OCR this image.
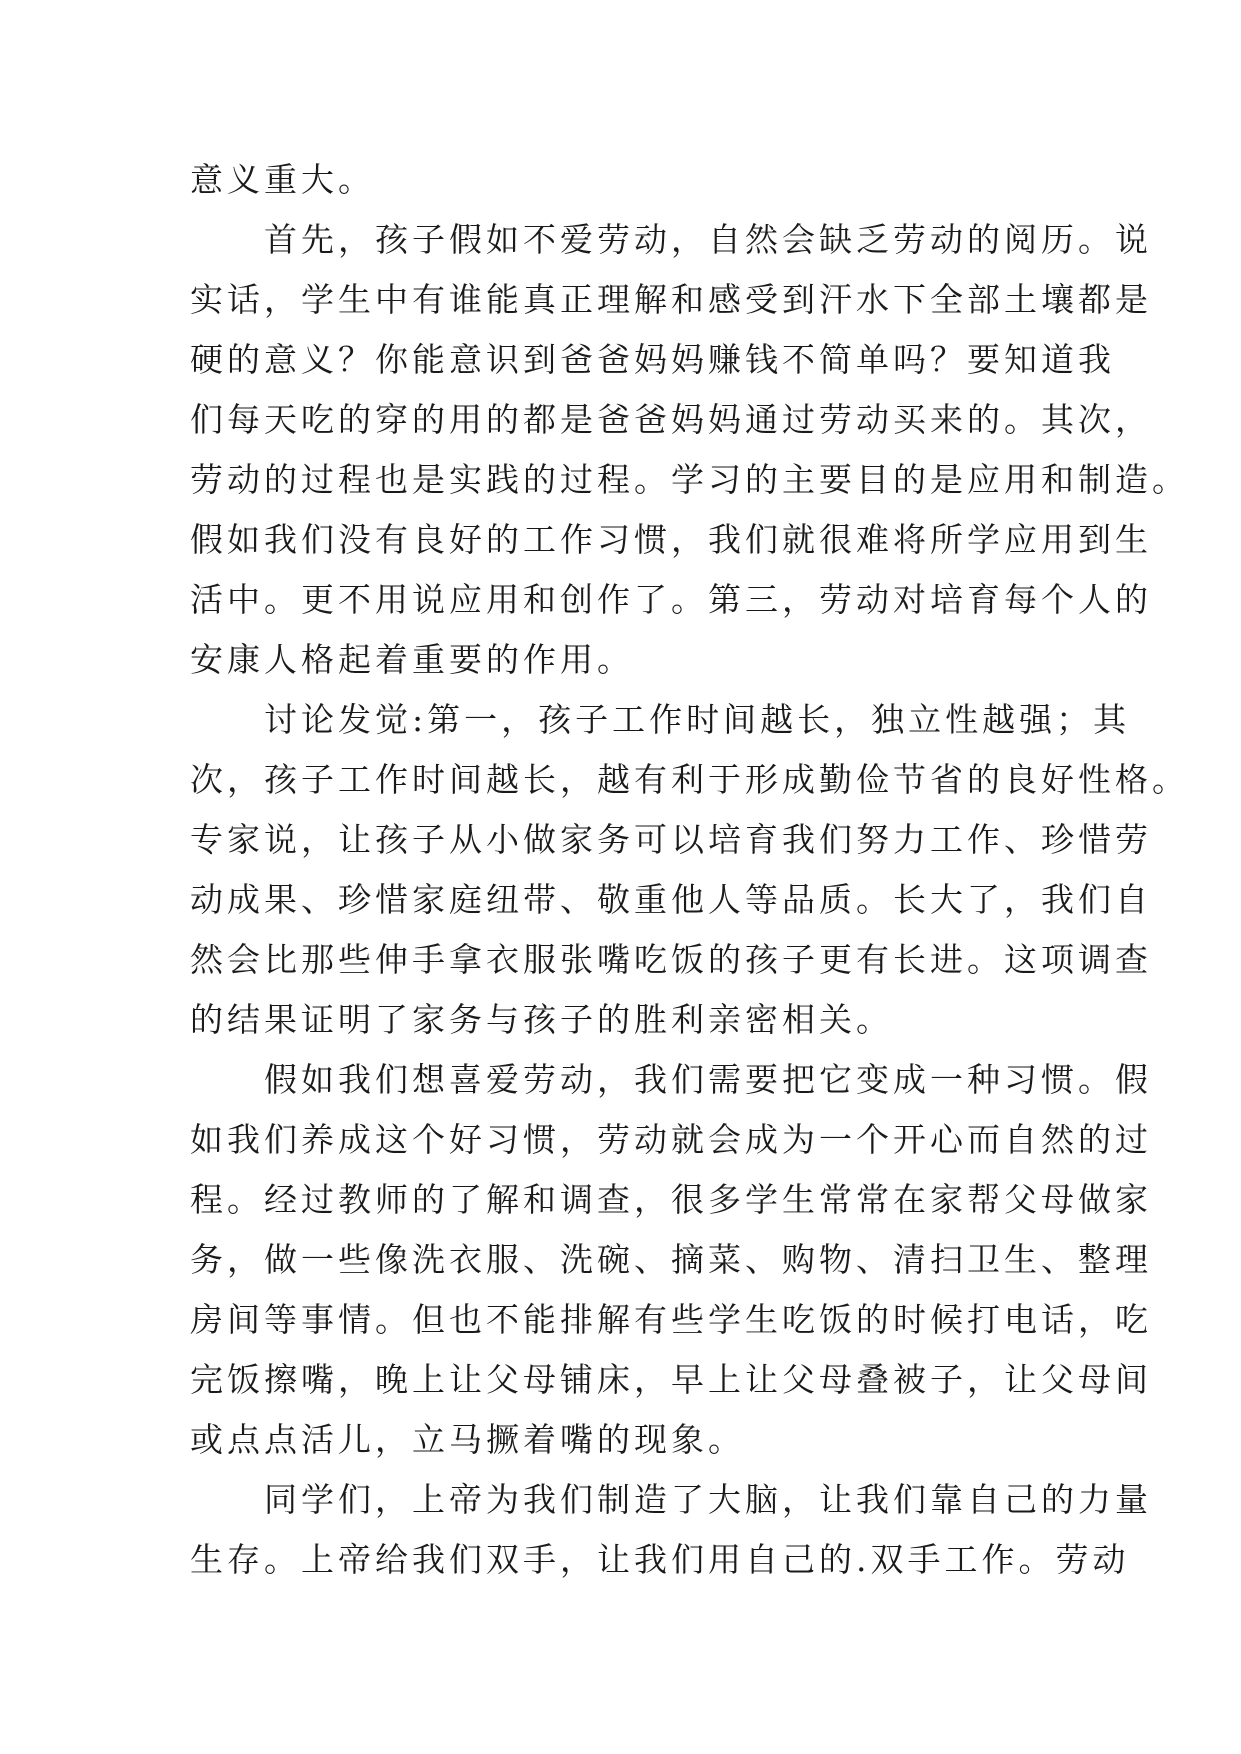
意义重大。
　　首先，孩子假如不爱劳动，自然会缺乏劳动的阅历。说
实话，学生中有谁能真正理解和感受到汗水下全部土壤都是
硬的意义？你能意识到爸爸妈妈赚钱不简单吗？要知道我
们每天吃的穿的用的都是爸爸妈妈通过劳动买来的。其次，
劳动的过程也是实践的过程。学习的主要目的是应用和制造。
假如我们没有良好的工作习惯，我们就很难将所学应用到生
活中。更不用说应用和创作了。第三，劳动对培育每个人的
安康人格起着重要的作用。
　　讨论发觉:第一，孩子工作时间越长，独立性越强；其
次，孩子工作时间越长，越有利于形成勤俭节省的良好性格。
专家说，让孩子从小做家务可以培育我们努力工作、珍惜劳
动成果、珍惜家庭纽带、敬重他人等品质。长大了，我们自
然会比那些伸手拿衣服张嘴吃饭的孩子更有长进。这项调查
的结果证明了家务与孩子的胜利亲密相关。
　　假如我们想喜爱劳动，我们需要把它变成一种习惯。假
如我们养成这个好习惯，劳动就会成为一个开心而自然的过
程。经过教师的了解和调查，很多学生常常在家帮父母做家
务，做一些像洗衣服、洗碗、摘菜、购物、清扫卫生、整理
房间等事情。但也不能排解有些学生吃饭的时候打电话，吃
完饭擦嘴，晚上让父母铺床，早上让父母叠被子，让父母间
或点点活儿，立马撅着嘴的现象。
　　同学们，上帝为我们制造了大脑，让我们靠自己的力量
生存。上帝给我们双手，让我们用自己的.双手工作。劳动
